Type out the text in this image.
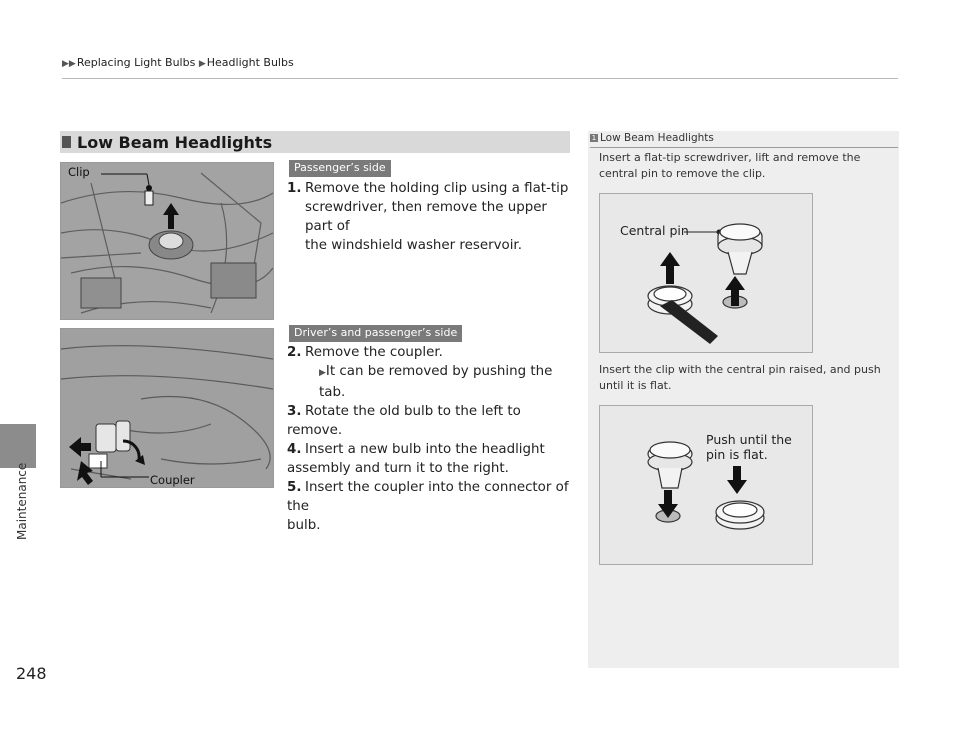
▶▶Replacing Light Bulbs ▶Headlight Bulbs
Maintenance
248
Low Beam Headlights
Clip
Coupler
Passenger’s side
Driver’s and passenger’s side
1. Remove the holding clip using a flat-tip
screwdriver, then remove the upper part of
the windshield washer reservoir.
2. Remove the coupler.
▶It can be removed by pushing the tab.
3. Rotate the old bulb to the left to remove.
4. Insert a new bulb into the headlight
assembly and turn it to the right.
5. Insert the coupler into the connector of the
bulb.
1 Low Beam Headlights
Insert a flat-tip screwdriver, lift and remove the
central pin to remove the clip.
Central pin
Insert the clip with the central pin raised, and push
until it is flat.
Push until the
pin is flat.
